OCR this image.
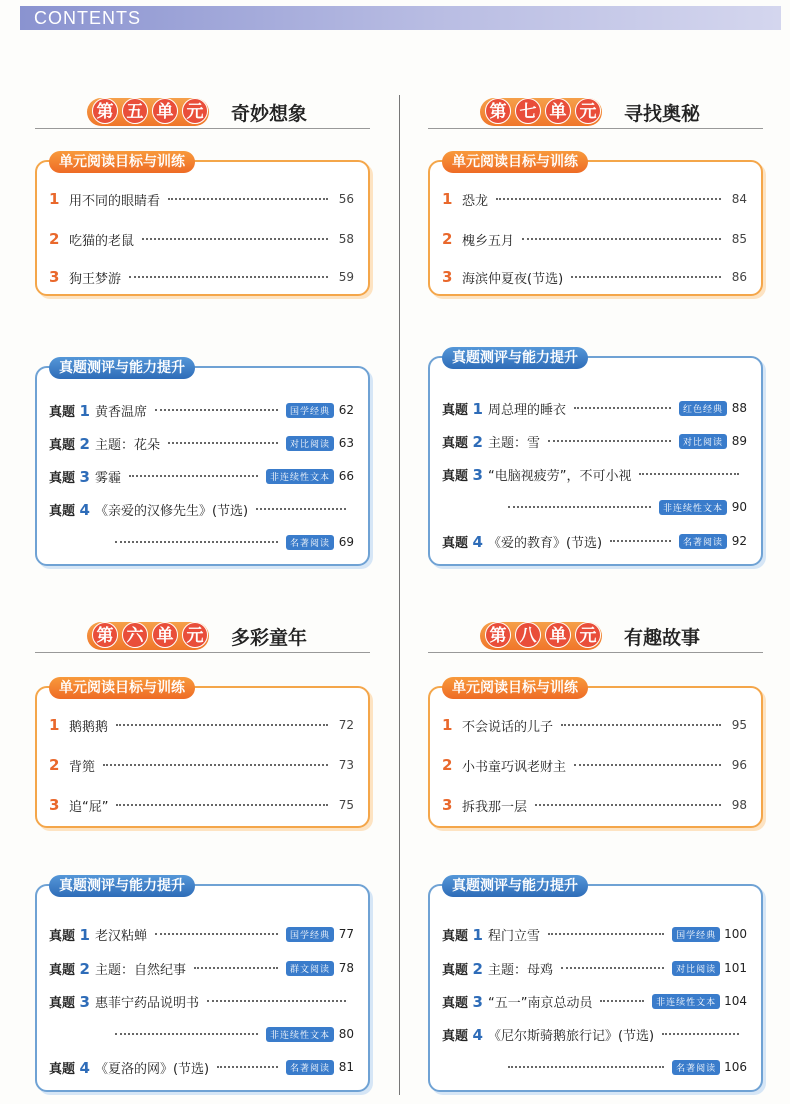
CONTENTS
第 五 单 元 奇妙想象
单元阅读目标与训练
1 用不同的眼睛看	56
2 吃猫的老鼠	58
3 狗王梦游	59
真题测评与能力提升
真题 1 黄香温席	国学经典 62
真题 2 主题：花朵	对比阅读 63
真题 3 雾霾	非连续性文本 66
真题 4 《亲爱的汉修先生》(节选)
名著阅读 69
第 七 单 元 寻找奥秘
单元阅读目标与训练
1 恐龙	84
2 槐乡五月	85
3 海滨仲夏夜(节选)	86
真题测评与能力提升
真题 1 周总理的睡衣	红色经典 88
真题 2 主题：雪	对比阅读 89
真题 3 “电脑视疲劳”，不可小视
非连续性文本 90
真题 4 《爱的教育》(节选)	名著阅读 92
第 六 单 元 多彩童年
单元阅读目标与训练
1 鹅鹅鹅	72
2 背篼	73
3 追“屁”	75
真题测评与能力提升
真题 1 老汉粘蝉	国学经典 77
真题 2 主题：自然纪事	群文阅读 78
真题 3 惠菲宁药品说明书
非连续性文本 80
真题 4 《夏洛的网》(节选)	名著阅读 81
第 八 单 元 有趣故事
单元阅读目标与训练
1 不会说话的儿子	95
2 小书童巧讽老财主	96
3 拆我那一层	98
真题测评与能力提升
真题 1 程门立雪	国学经典 100
真题 2 主题：母鸡	对比阅读 101
真题 3 “五一”南京总动员	非连续性文本 104
真题 4 《尼尔斯骑鹅旅行记》(节选)
名著阅读 106
